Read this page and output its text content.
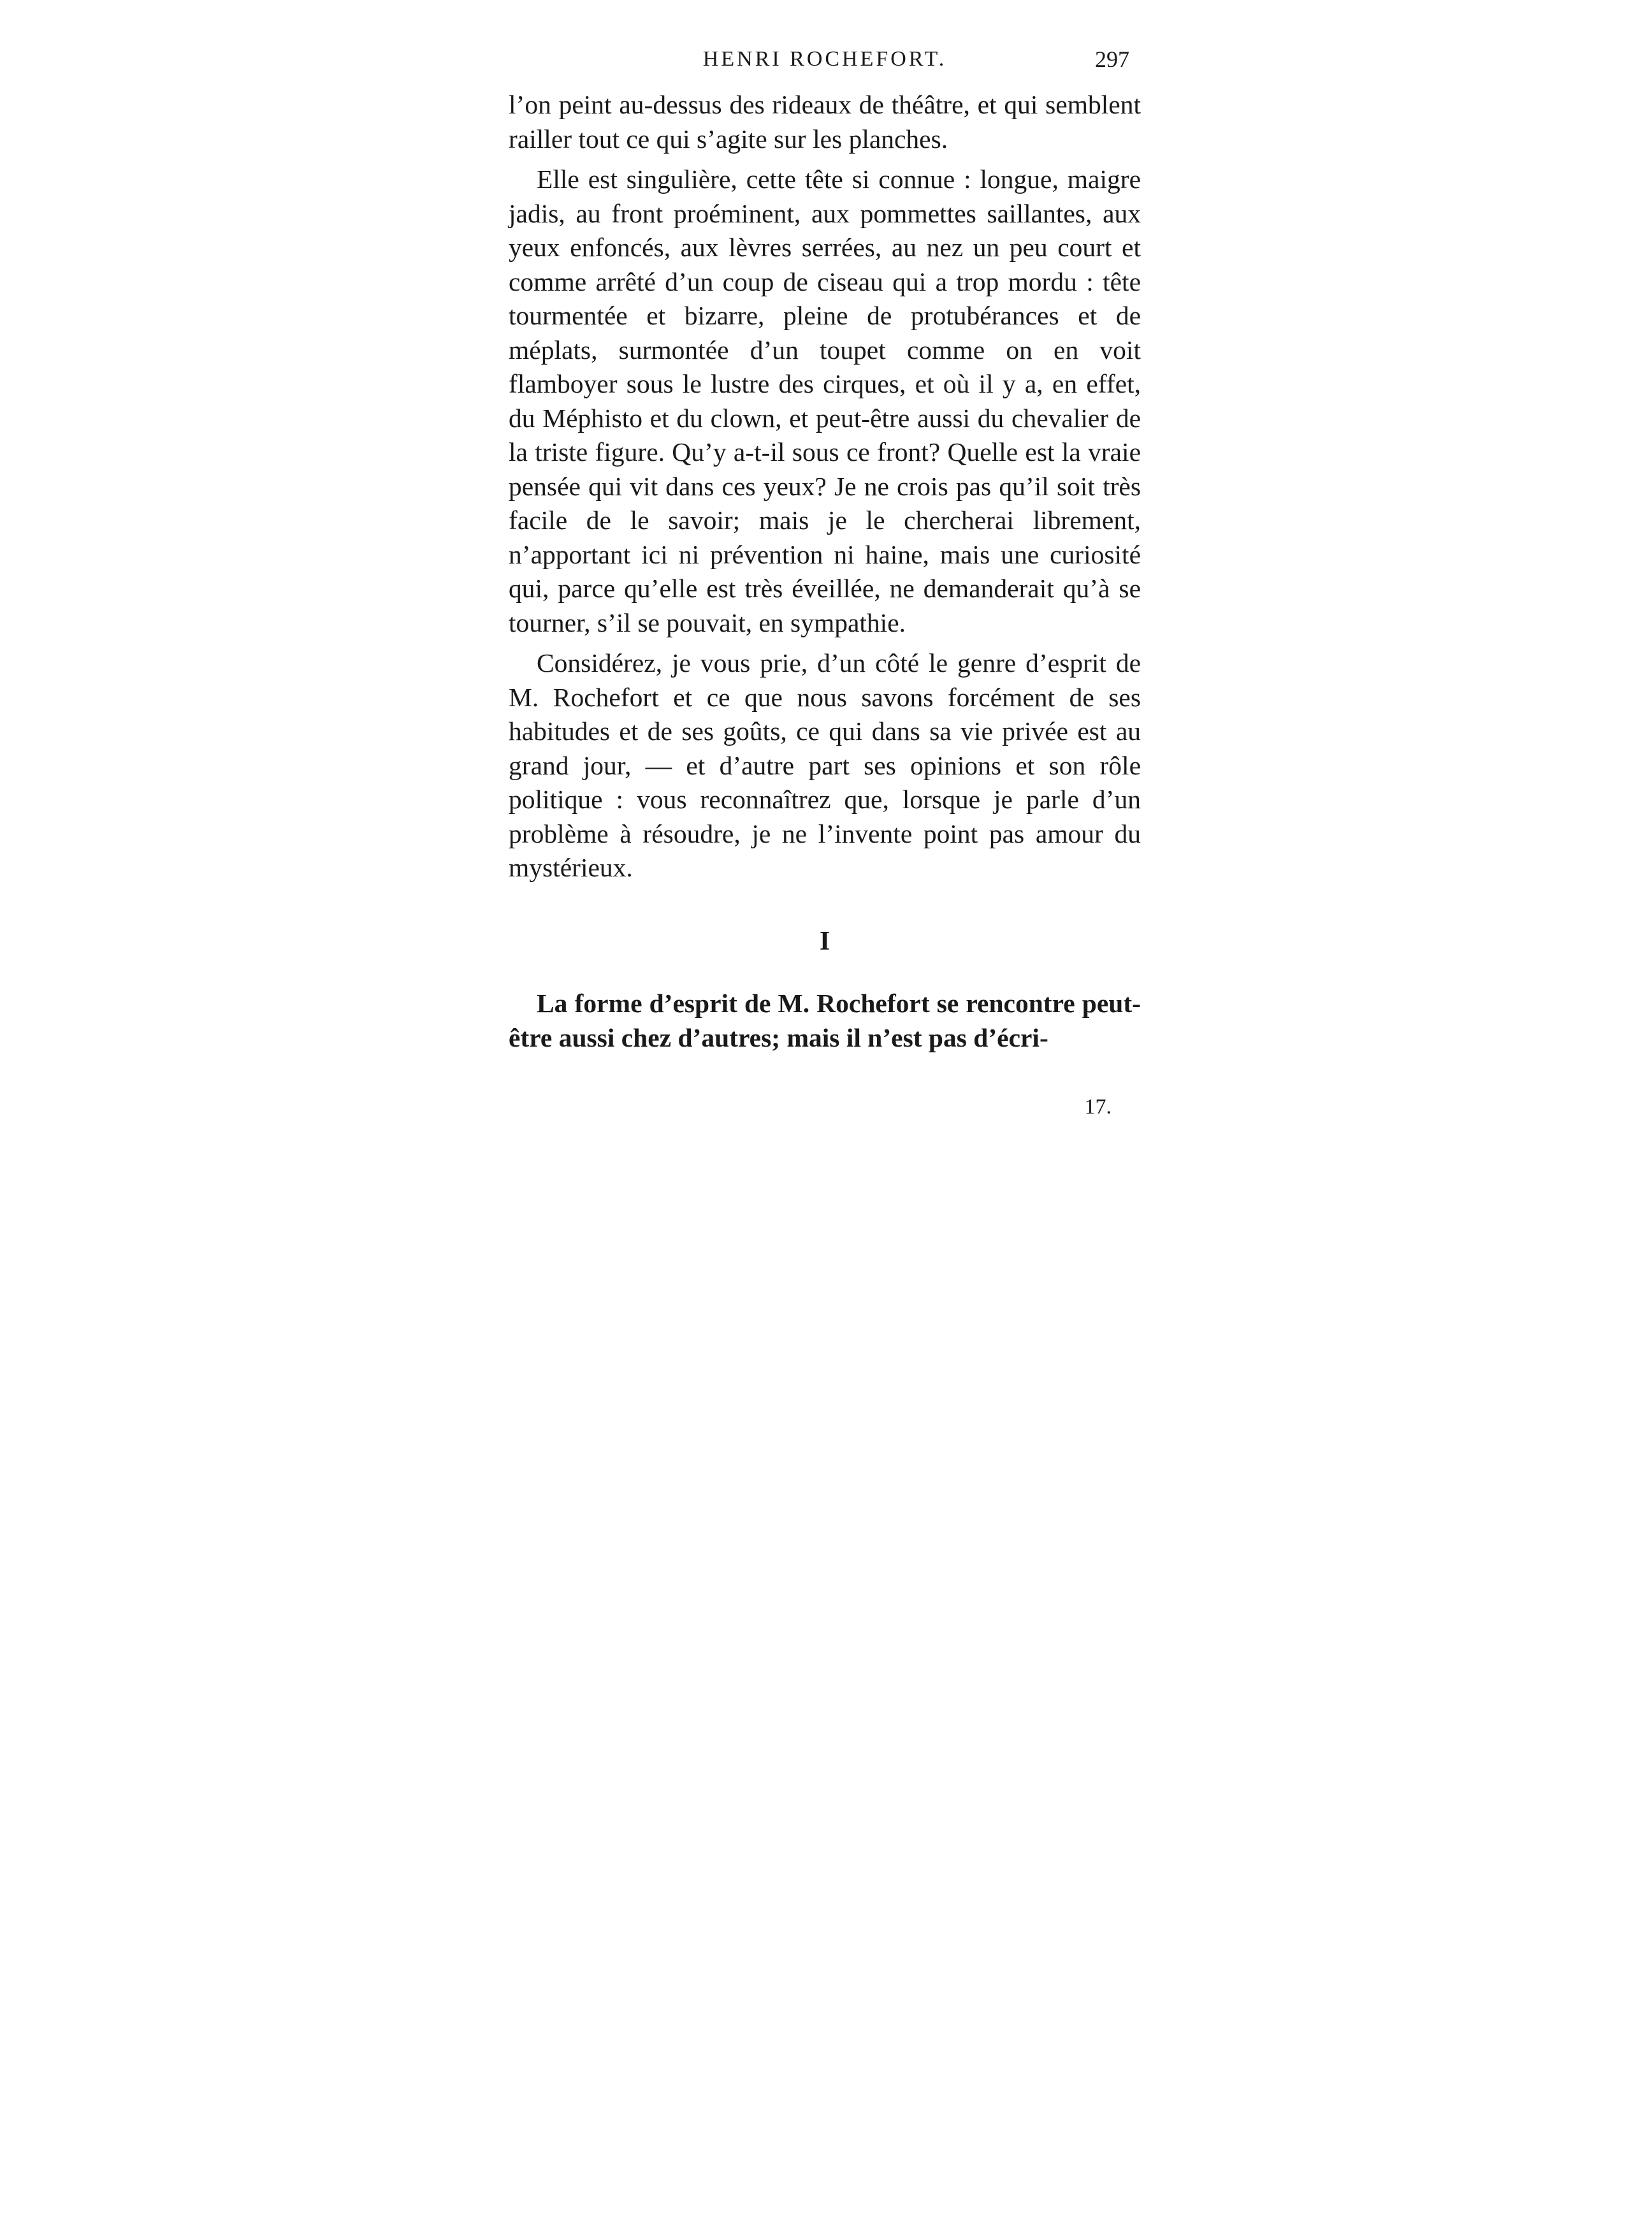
HENRI ROCHEFORT.	297

l’on peint au-dessus des rideaux de théâtre, et qui semblent railler tout ce qui s’agite sur les planches.

Elle est singulière, cette tête si connue : longue, maigre jadis, au front proéminent, aux pommettes saillantes, aux yeux enfoncés, aux lèvres serrées, au nez un peu court et comme arrêté d’un coup de ciseau qui a trop mordu : tête tourmentée et bizarre, pleine de protubérances et de méplats, surmontée d’un toupet comme on en voit flamboyer sous le lustre des cirques, et où il y a, en effet, du Méphisto et du clown, et peut-être aussi du chevalier de la triste figure. Qu’y a-t-il sous ce front? Quelle est la vraie pensée qui vit dans ces yeux? Je ne crois pas qu’il soit très facile de le savoir; mais je le chercherai librement, n’apportant ici ni prévention ni haine, mais une curiosité qui, parce qu’elle est très éveillée, ne demanderait qu’à se tourner, s’il se pouvait, en sympathie.

Considérez, je vous prie, d’un côté le genre d’esprit de M. Rochefort et ce que nous savons forcément de ses habitudes et de ses goûts, ce qui dans sa vie privée est au grand jour, — et d’autre part ses opinions et son rôle politique : vous reconnaîtrez que, lorsque je parle d’un problème à résoudre, je ne l’invente point pas amour du mystérieux.

I

La forme d’esprit de M. Rochefort se rencontre peut-être aussi chez d’autres; mais il n’est pas d’écri-

17.
